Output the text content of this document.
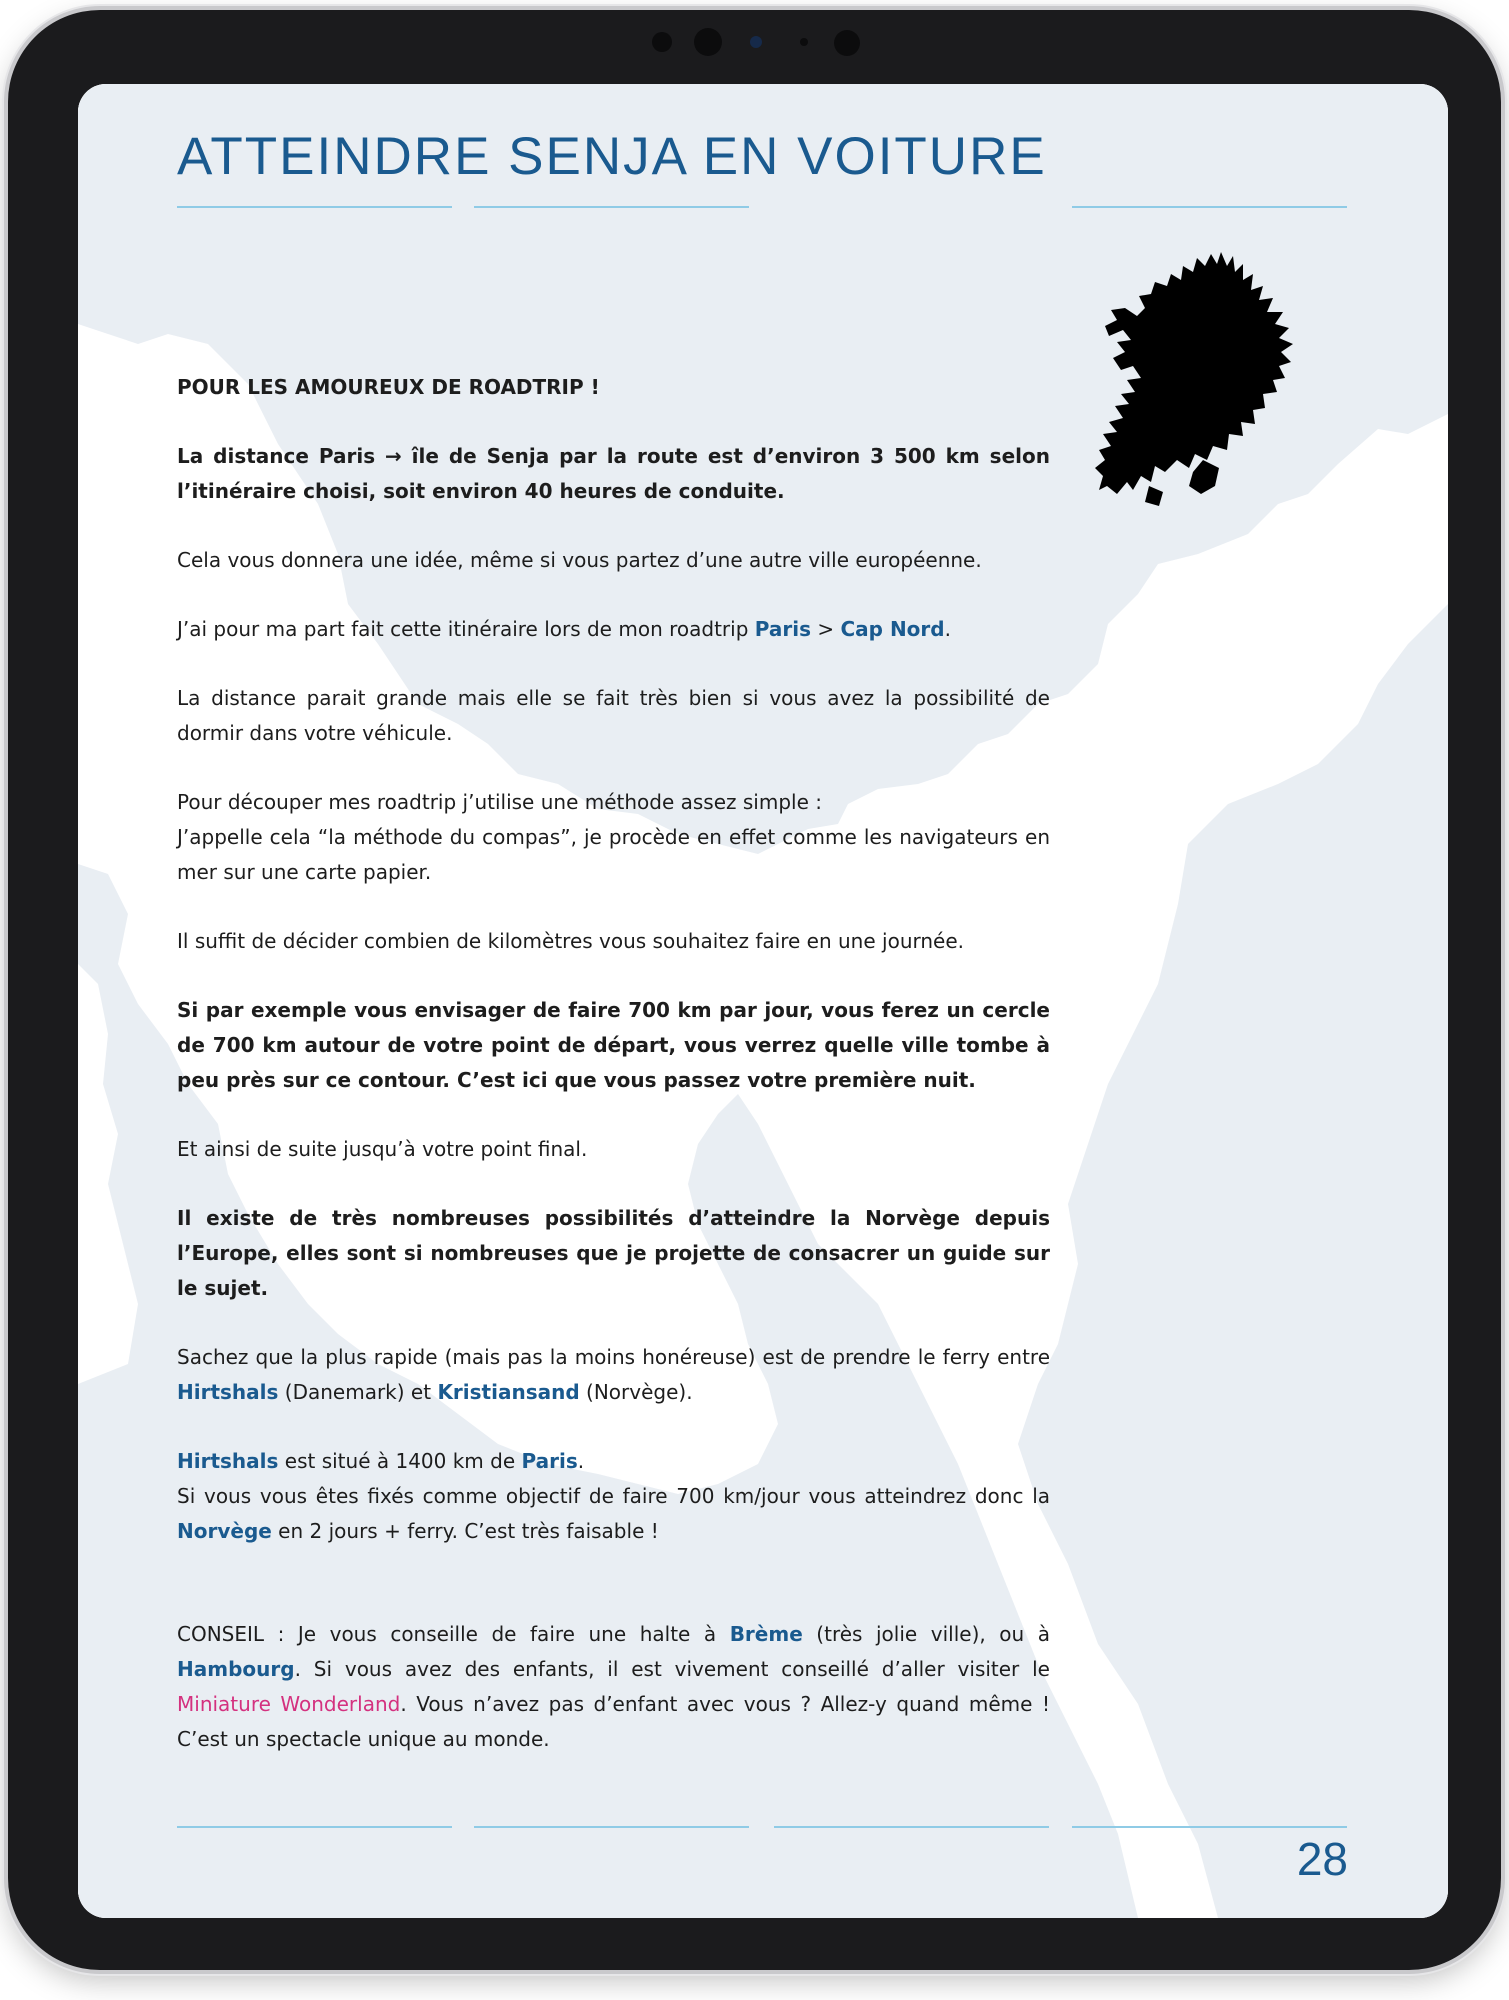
ATTEINDRE SENJA EN VOITURE

POUR LES AMOUREUX DE ROADTRIP !

La distance Paris → île de Senja par la route est d’environ 3 500 km selon l’itinéraire choisi, soit environ 40 heures de conduite.

Cela vous donnera une idée, même si vous partez d’une autre ville européenne.

J’ai pour ma part fait cette itinéraire lors de mon roadtrip Paris > Cap Nord.

La distance parait grande mais elle se fait très bien si vous avez la possibilité de dormir dans votre véhicule.

Pour découper mes roadtrip j’utilise une méthode assez simple :

J’appelle cela “la méthode du compas”, je procède en effet comme les navigateurs en mer sur une carte papier.

Il suffit de décider combien de kilomètres vous souhaitez faire en une journée.

Si par exemple vous envisager de faire 700 km par jour, vous ferez un cercle de 700 km autour de votre point de départ, vous verrez quelle ville tombe à peu près sur ce contour. C’est ici que vous passez votre première nuit.

Et ainsi de suite jusqu’à votre point final.

Il existe de très nombreuses possibilités d’atteindre la Norvège depuis l’Europe, elles sont si nombreuses que je projette de consacrer un guide sur le sujet.

Sachez que la plus rapide (mais pas la moins honéreuse) est de prendre le ferry entre Hirtshals (Danemark) et Kristiansand (Norvège).

Hirtshals est situé à 1400 km de Paris.

Si vous vous êtes fixés comme objectif de faire 700 km/jour vous atteindrez donc la Norvège en 2 jours + ferry. C’est très faisable !

CONSEIL : Je vous conseille de faire une halte à Brème (très jolie ville), ou à Hambourg. Si vous avez des enfants, il est vivement conseillé d’aller visiter le Miniature Wonderland. Vous n’avez pas d’enfant avec vous ? Allez-y quand même ! C’est un spectacle unique au monde.

28
